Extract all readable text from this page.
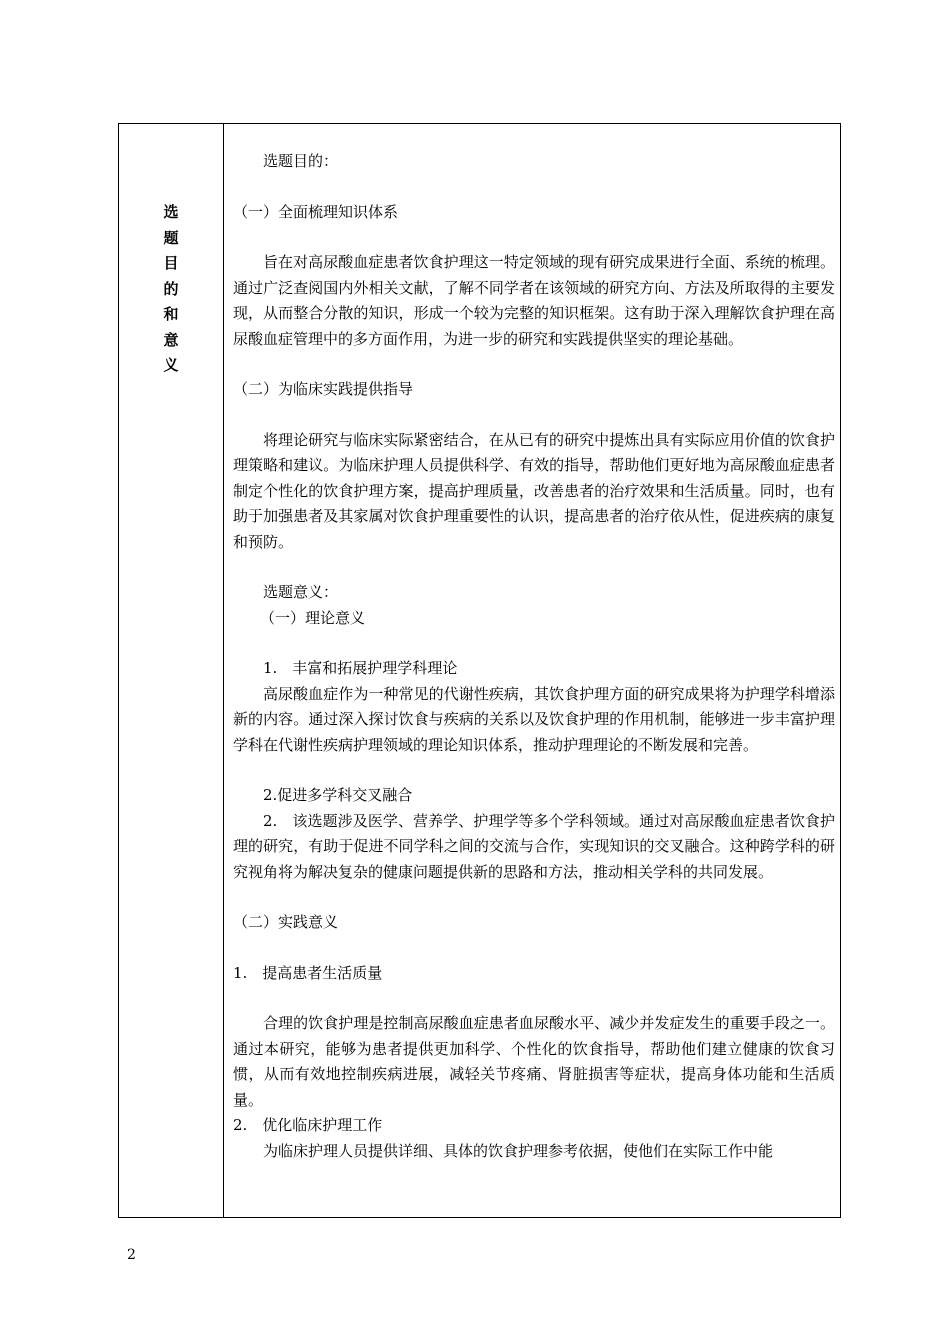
选
题
目
的
和
意
义

选题目的：

（一）全面梳理知识体系

旨在对高尿酸血症患者饮食护理这一特定领域的现有研究成果进行全面、系统的梳理。通过广泛查阅国内外相关文献，了解不同学者在该领域的研究方向、方法及所取得的主要发现，从而整合分散的知识，形成一个较为完整的知识框架。这有助于深入理解饮食护理在高尿酸血症管理中的多方面作用，为进一步的研究和实践提供坚实的理论基础。

（二）为临床实践提供指导

将理论研究与临床实际紧密结合，在从已有的研究中提炼出具有实际应用价值的饮食护理策略和建议。为临床护理人员提供科学、有效的指导，帮助他们更好地为高尿酸血症患者制定个性化的饮食护理方案，提高护理质量，改善患者的治疗效果和生活质量。同时，也有助于加强患者及其家属对饮食护理重要性的认识，提高患者的治疗依从性，促进疾病的康复和预防。

选题意义：

（一）理论意义

1.　丰富和拓展护理学科理论

高尿酸血症作为一种常见的代谢性疾病，其饮食护理方面的研究成果将为护理学科增添新的内容。通过深入探讨饮食与疾病的关系以及饮食护理的作用机制，能够进一步丰富护理学科在代谢性疾病护理领域的理论知识体系，推动护理理论的不断发展和完善。

2.促进多学科交叉融合

2.　该选题涉及医学、营养学、护理学等多个学科领域。通过对高尿酸血症患者饮食护理的研究，有助于促进不同学科之间的交流与合作，实现知识的交叉融合。这种跨学科的研究视角将为解决复杂的健康问题提供新的思路和方法，推动相关学科的共同发展。

（二）实践意义

1.　提高患者生活质量

合理的饮食护理是控制高尿酸血症患者血尿酸水平、减少并发症发生的重要手段之一。通过本研究，能够为患者提供更加科学、个性化的饮食指导，帮助他们建立健康的饮食习惯，从而有效地控制疾病进展，减轻关节疼痛、肾脏损害等症状，提高身体功能和生活质量。

2.　优化临床护理工作

为临床护理人员提供详细、具体的饮食护理参考依据，使他们在实际工作中能

2
